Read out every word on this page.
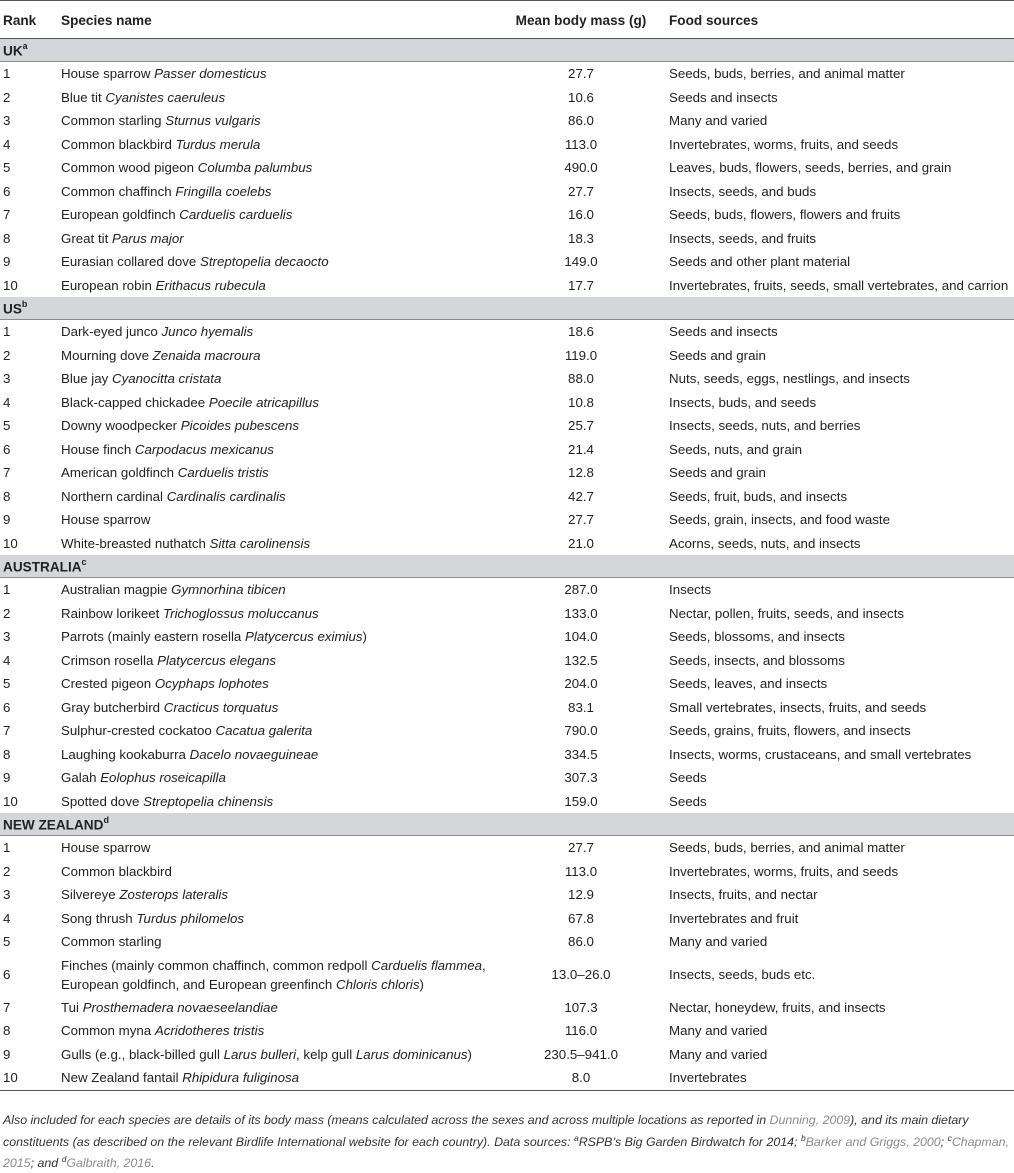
Rank	Species name	Mean body mass (g)	Food sources
$UK^a$
1	House sparrow Passer domesticus	27.7	Seeds, buds, berries, and animal matter
2	Blue tit Cyanistes caeruleus	10.6	Seeds and insects
3	Common starling Sturnus vulgaris	86.0	Many and varied
4	Common blackbird Turdus merula	113.0	Invertebrates, worms, fruits, and seeds
5	Common wood pigeon Columba palumbus	490.0	Leaves, buds, flowers, seeds, berries, and grain
6	Common chaffinch Fringilla coelebs	27.7	Insects, seeds, and buds
7	European goldfinch Carduelis carduelis	16.0	Seeds, buds, flowers, flowers and fruits
8	Great tit Parus major	18.3	Insects, seeds, and fruits
9	Eurasian collared dove Streptopelia decaocto	149.0	Seeds and other plant material
10	European robin Erithacus rubecula	17.7	Invertebrates, fruits, seeds, small vertebrates, and carrion
$US^b$
1	Dark-eyed junco Junco hyemalis	18.6	Seeds and insects
2	Mourning dove Zenaida macroura	119.0	Seeds and grain
3	Blue jay Cyanocitta cristata	88.0	Nuts, seeds, eggs, nestlings, and insects
4	Black-capped chickadee Poecile atricapillus	10.8	Insects, buds, and seeds
5	Downy woodpecker Picoides pubescens	25.7	Insects, seeds, nuts, and berries
6	House finch Carpodacus mexicanus	21.4	Seeds, nuts, and grain
7	American goldfinch Carduelis tristis	12.8	Seeds and grain
8	Northern cardinal Cardinalis cardinalis	42.7	Seeds, fruit, buds, and insects
9	House sparrow	27.7	Seeds, grain, insects, and food waste
10	White-breasted nuthatch Sitta carolinensis	21.0	Acorns, seeds, nuts, and insects
AUSTRALIA$^c$
1	Australian magpie Gymnorhina tibicen	287.0	Insects
2	Rainbow lorikeet Trichoglossus moluccanus	133.0	Nectar, pollen, fruits, seeds, and insects
3	Parrots (mainly eastern rosella Platycercus eximius)	104.0	Seeds, blossoms, and insects
4	Crimson rosella Platycercus elegans	132.5	Seeds, insects, and blossoms
5	Crested pigeon Ocyphaps lophotes	204.0	Seeds, leaves, and insects
6	Gray butcherbird Cracticus torquatus	83.1	Small vertebrates, insects, fruits, and seeds
7	Sulphur-crested cockatoo Cacatua galerita	790.0	Seeds, grains, fruits, flowers, and insects
8	Laughing kookaburra Dacelo novaeguineae	334.5	Insects, worms, crustaceans, and small vertebrates
9	Galah Eolophus roseicapilla	307.3	Seeds
10	Spotted dove Streptopelia chinensis	159.0	Seeds
NEW ZEALAND$^d$
1	House sparrow	27.7	Seeds, buds, berries, and animal matter
2	Common blackbird	113.0	Invertebrates, worms, fruits, and seeds
3	Silvereye Zosterops lateralis	12.9	Insects, fruits, and nectar
4	Song thrush Turdus philomelos	67.8	Invertebrates and fruit
5	Common starling	86.0	Many and varied
6	Finches (mainly common chaffinch, common redpoll Carduelis flammea, European goldfinch, and European greenfinch Chloris chloris)	13.0–26.0	Insects, seeds, buds etc.
7	Tui Prosthemadera novaeseelandiae	107.3	Nectar, honeydew, fruits, and insects
8	Common myna Acridotheres tristis	116.0	Many and varied
9	Gulls (e.g., black-billed gull Larus bulleri, kelp gull Larus dominicanus)	230.5–941.0	Many and varied
10	New Zealand fantail Rhipidura fuliginosa	8.0	Invertebrates
Also included for each species are details of its body mass (means calculated across the sexes and across multiple locations as reported in Dunning, 2009), and its main dietary constituents (as described on the relevant Birdlife International website for each country). Data sources: $^a$RSPB’s Big Garden Birdwatch for 2014; $^b$Barker and Griggs, 2000; $^c$Chapman, 2015; and $^d$Galbraith, 2016.
